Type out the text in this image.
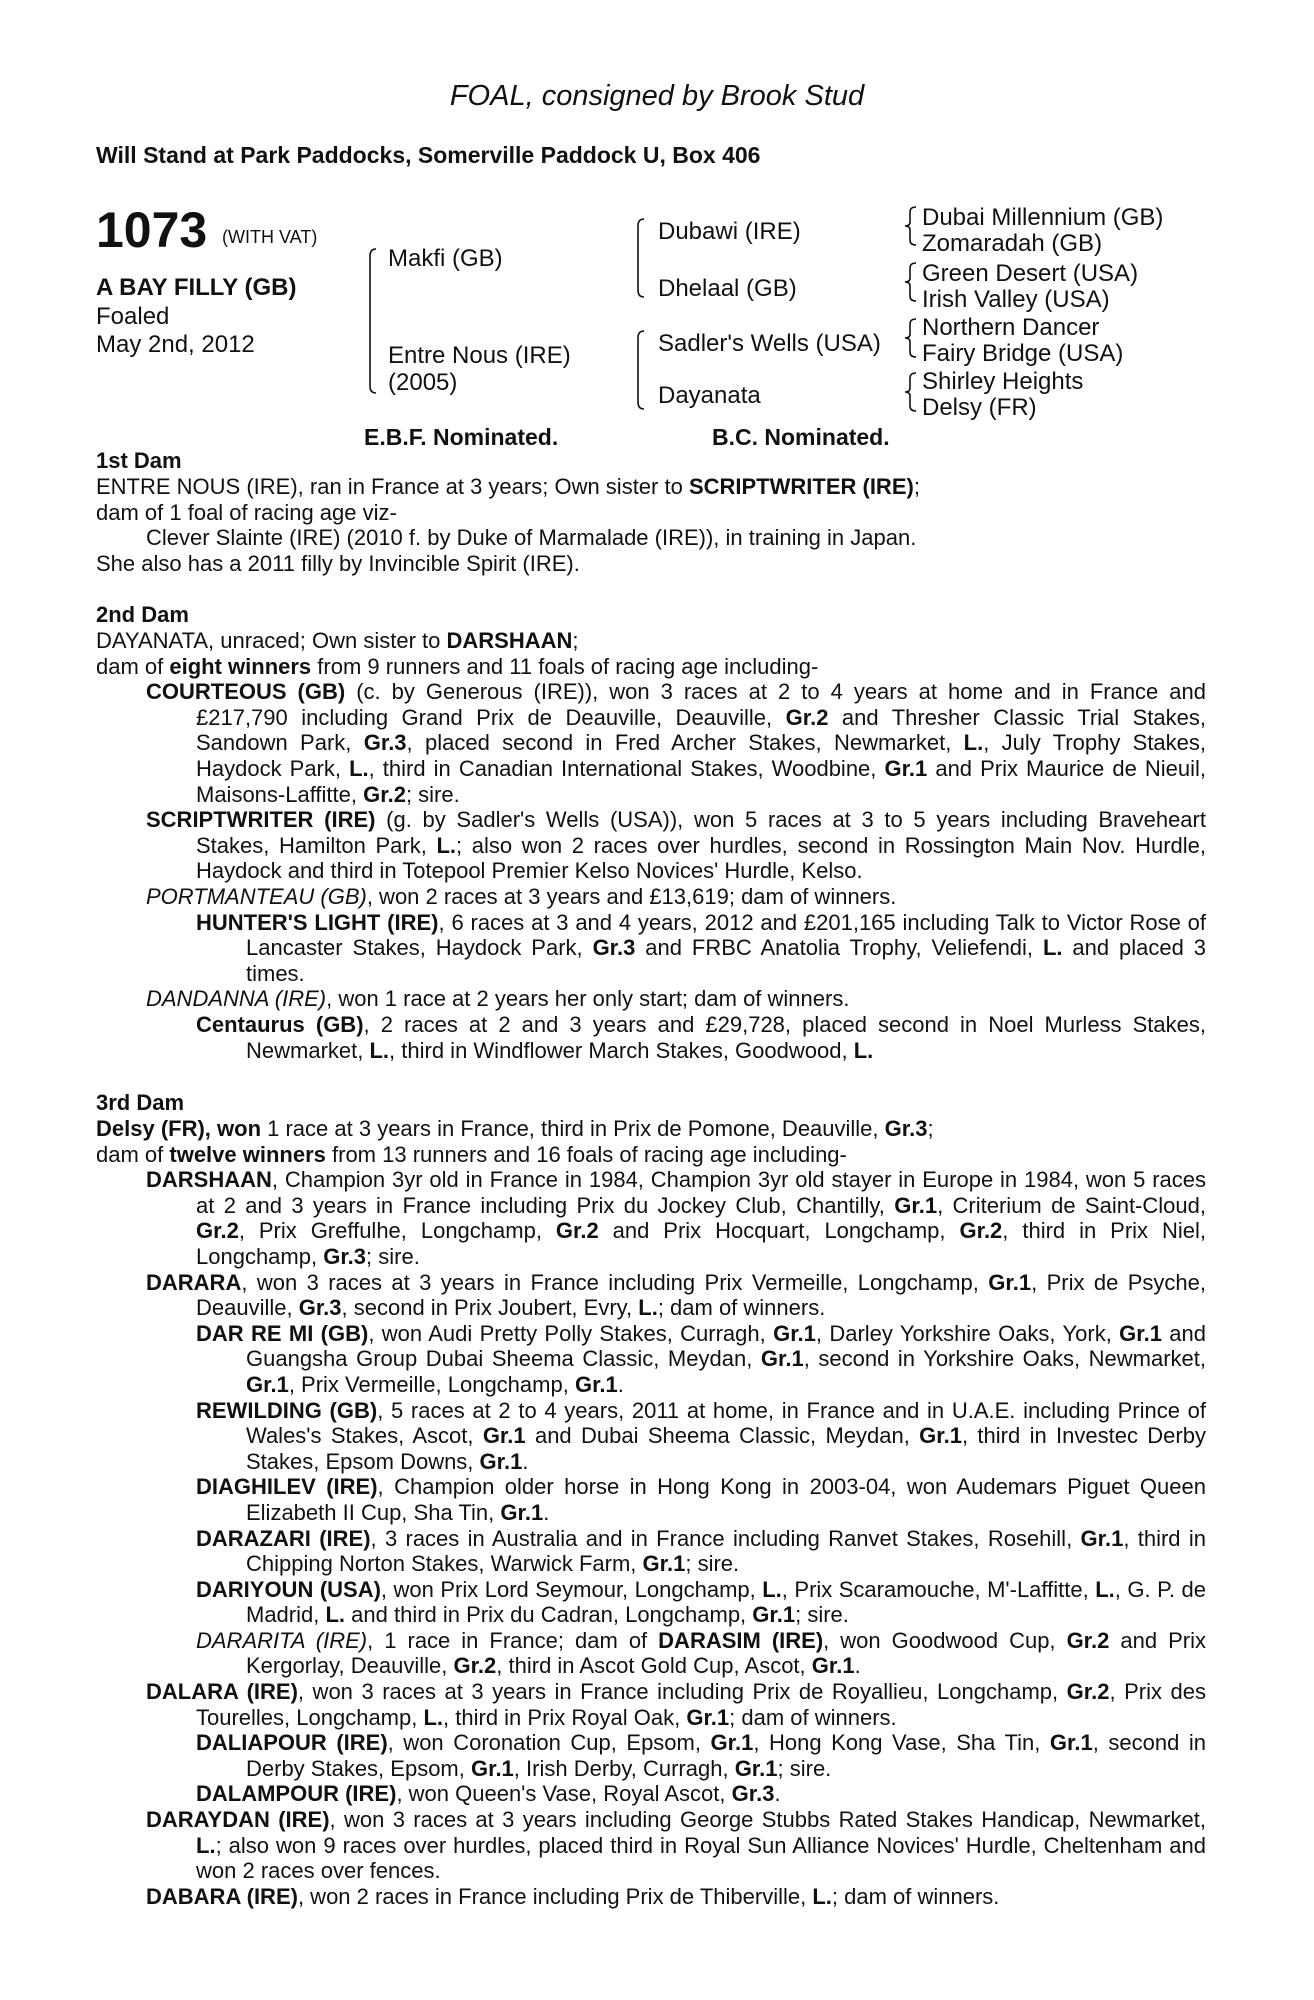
FOAL, consigned by Brook Stud
Will Stand at Park Paddocks, Somerville Paddock U, Box 406
1073 (WITH VAT)
A BAY FILLY (GB)
Foaled
May 2nd, 2012
Makfi (GB)
Entre Nous (IRE)
(2005)
Dubawi (IRE)
Dhelaal (GB)
Sadler's Wells (USA)
Dayanata
Dubai Millennium (GB)
Zomaradah (GB)
Green Desert (USA)
Irish Valley (USA)
Northern Dancer
Fairy Bridge (USA)
Shirley Heights
Delsy (FR)
E.B.F. Nominated.	B.C. Nominated.
1st Dam
ENTRE NOUS (IRE), ran in France at 3 years; Own sister to SCRIPTWRITER (IRE);
dam of 1 foal of racing age viz-
Clever Slainte (IRE) (2010 f. by Duke of Marmalade (IRE)), in training in Japan.
She also has a 2011 filly by Invincible Spirit (IRE).
2nd Dam
DAYANATA, unraced; Own sister to DARSHAAN;
dam of eight winners from 9 runners and 11 foals of racing age including-
COURTEOUS (GB) (c. by Generous (IRE)), won 3 races at 2 to 4 years at home and in France and £217,790 including Grand Prix de Deauville, Deauville, Gr.2 and Thresher Classic Trial Stakes, Sandown Park, Gr.3, placed second in Fred Archer Stakes, Newmarket, L., July Trophy Stakes, Haydock Park, L., third in Canadian International Stakes, Woodbine, Gr.1 and Prix Maurice de Nieuil, Maisons-Laffitte, Gr.2; sire.
SCRIPTWRITER (IRE) (g. by Sadler's Wells (USA)), won 5 races at 3 to 5 years including Braveheart Stakes, Hamilton Park, L.; also won 2 races over hurdles, second in Rossington Main Nov. Hurdle, Haydock and third in Totepool Premier Kelso Novices' Hurdle, Kelso.
PORTMANTEAU (GB), won 2 races at 3 years and £13,619; dam of winners.
HUNTER'S LIGHT (IRE), 6 races at 3 and 4 years, 2012 and £201,165 including Talk to Victor Rose of Lancaster Stakes, Haydock Park, Gr.3 and FRBC Anatolia Trophy, Veliefendi, L. and placed 3 times.
DANDANNA (IRE), won 1 race at 2 years her only start; dam of winners.
Centaurus (GB), 2 races at 2 and 3 years and £29,728, placed second in Noel Murless Stakes, Newmarket, L., third in Windflower March Stakes, Goodwood, L.
3rd Dam
Delsy (FR), won 1 race at 3 years in France, third in Prix de Pomone, Deauville, Gr.3;
dam of twelve winners from 13 runners and 16 foals of racing age including-
DARSHAAN, Champion 3yr old in France in 1984, Champion 3yr old stayer in Europe in 1984, won 5 races at 2 and 3 years in France including Prix du Jockey Club, Chantilly, Gr.1, Criterium de Saint-Cloud, Gr.2, Prix Greffulhe, Longchamp, Gr.2 and Prix Hocquart, Longchamp, Gr.2, third in Prix Niel, Longchamp, Gr.3; sire.
DARARA, won 3 races at 3 years in France including Prix Vermeille, Longchamp, Gr.1, Prix de Psyche, Deauville, Gr.3, second in Prix Joubert, Evry, L.; dam of winners.
DAR RE MI (GB), won Audi Pretty Polly Stakes, Curragh, Gr.1, Darley Yorkshire Oaks, York, Gr.1 and Guangsha Group Dubai Sheema Classic, Meydan, Gr.1, second in Yorkshire Oaks, Newmarket, Gr.1, Prix Vermeille, Longchamp, Gr.1.
REWILDING (GB), 5 races at 2 to 4 years, 2011 at home, in France and in U.A.E. including Prince of Wales's Stakes, Ascot, Gr.1 and Dubai Sheema Classic, Meydan, Gr.1, third in Investec Derby Stakes, Epsom Downs, Gr.1.
DIAGHILEV (IRE), Champion older horse in Hong Kong in 2003-04, won Audemars Piguet Queen Elizabeth II Cup, Sha Tin, Gr.1.
DARAZARI (IRE), 3 races in Australia and in France including Ranvet Stakes, Rosehill, Gr.1, third in Chipping Norton Stakes, Warwick Farm, Gr.1; sire.
DARIYOUN (USA), won Prix Lord Seymour, Longchamp, L., Prix Scaramouche, M'-Laffitte, L., G. P. de Madrid, L. and third in Prix du Cadran, Longchamp, Gr.1; sire.
DARARITA (IRE), 1 race in France; dam of DARASIM (IRE), won Goodwood Cup, Gr.2 and Prix Kergorlay, Deauville, Gr.2, third in Ascot Gold Cup, Ascot, Gr.1.
DALARA (IRE), won 3 races at 3 years in France including Prix de Royallieu, Longchamp, Gr.2, Prix des Tourelles, Longchamp, L., third in Prix Royal Oak, Gr.1; dam of winners.
DALIAPOUR (IRE), won Coronation Cup, Epsom, Gr.1, Hong Kong Vase, Sha Tin, Gr.1, second in Derby Stakes, Epsom, Gr.1, Irish Derby, Curragh, Gr.1; sire.
DALAMPOUR (IRE), won Queen's Vase, Royal Ascot, Gr.3.
DARAYDAN (IRE), won 3 races at 3 years including George Stubbs Rated Stakes Handicap, Newmarket, L.; also won 9 races over hurdles, placed third in Royal Sun Alliance Novices' Hurdle, Cheltenham and won 2 races over fences.
DABARA (IRE), won 2 races in France including Prix de Thiberville, L.; dam of winners.
